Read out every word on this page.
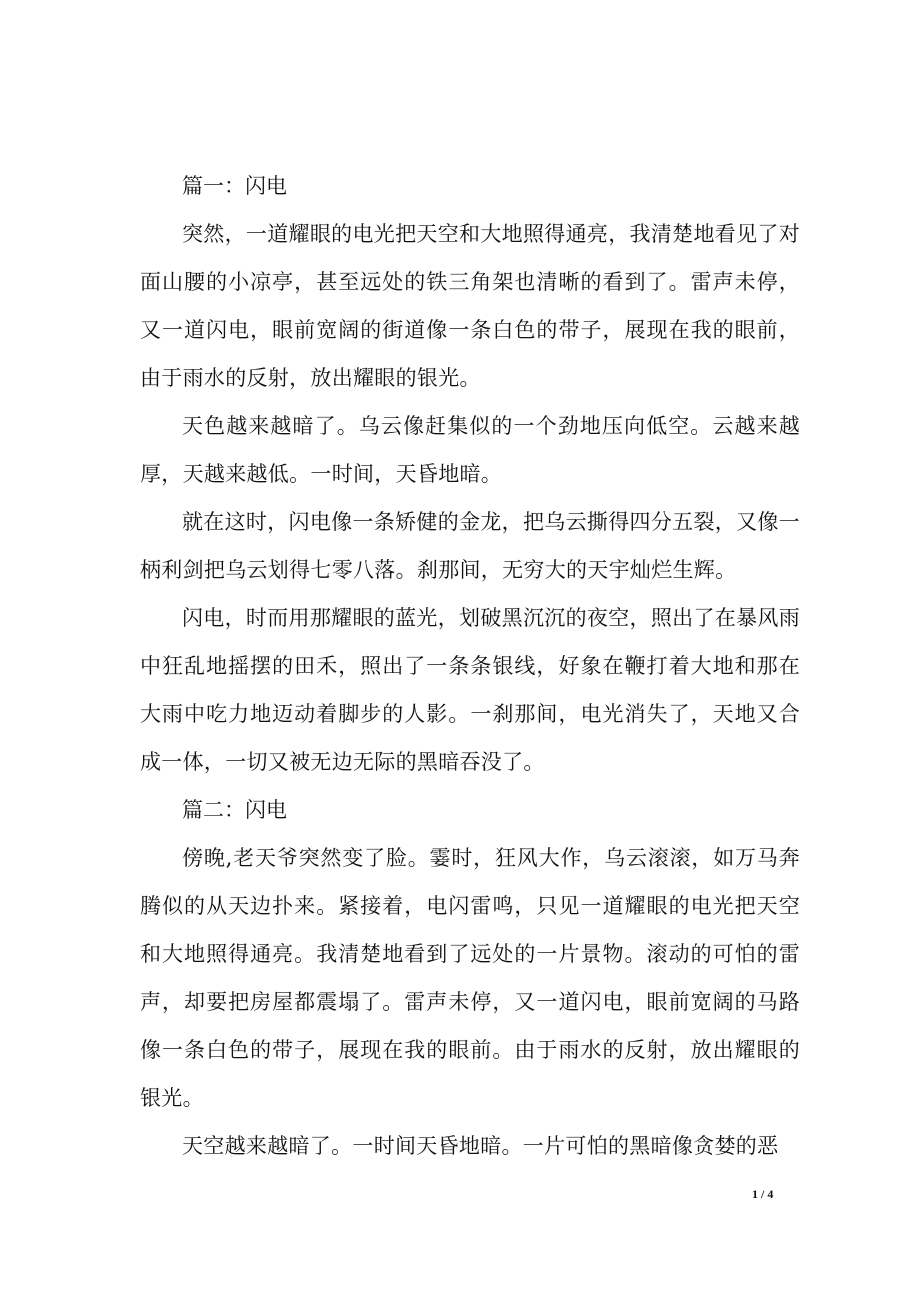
篇一：闪电

突然，一道耀眼的电光把天空和大地照得通亮，我清楚地看见了对面山腰的小凉亭，甚至远处的铁三角架也清晰的看到了。雷声未停，又一道闪电，眼前宽阔的街道像一条白色的带子，展现在我的眼前，由于雨水的反射，放出耀眼的银光。

天色越来越暗了。乌云像赶集似的一个劲地压向低空。云越来越厚，天越来越低。一时间，天昏地暗。

就在这时，闪电像一条矫健的金龙，把乌云撕得四分五裂，又像一柄利剑把乌云划得七零八落。刹那间，无穷大的天宇灿烂生辉。

闪电，时而用那耀眼的蓝光，划破黑沉沉的夜空，照出了在暴风雨中狂乱地摇摆的田禾，照出了一条条银线，好象在鞭打着大地和那在大雨中吃力地迈动着脚步的人影。一刹那间，电光消失了，天地又合成一体，一切又被无边无际的黑暗吞没了。

篇二：闪电

傍晚,老天爷突然变了脸。霎时，狂风大作，乌云滚滚，如万马奔腾似的从天边扑来。紧接着，电闪雷鸣，只见一道耀眼的电光把天空和大地照得通亮。我清楚地看到了远处的一片景物。滚动的可怕的雷声，却要把房屋都震塌了。雷声未停，又一道闪电，眼前宽阔的马路像一条白色的带子，展现在我的眼前。由于雨水的反射，放出耀眼的银光。

天空越来越暗了。一时间天昏地暗。一片可怕的黑暗像贪婪的恶

1 / 4
